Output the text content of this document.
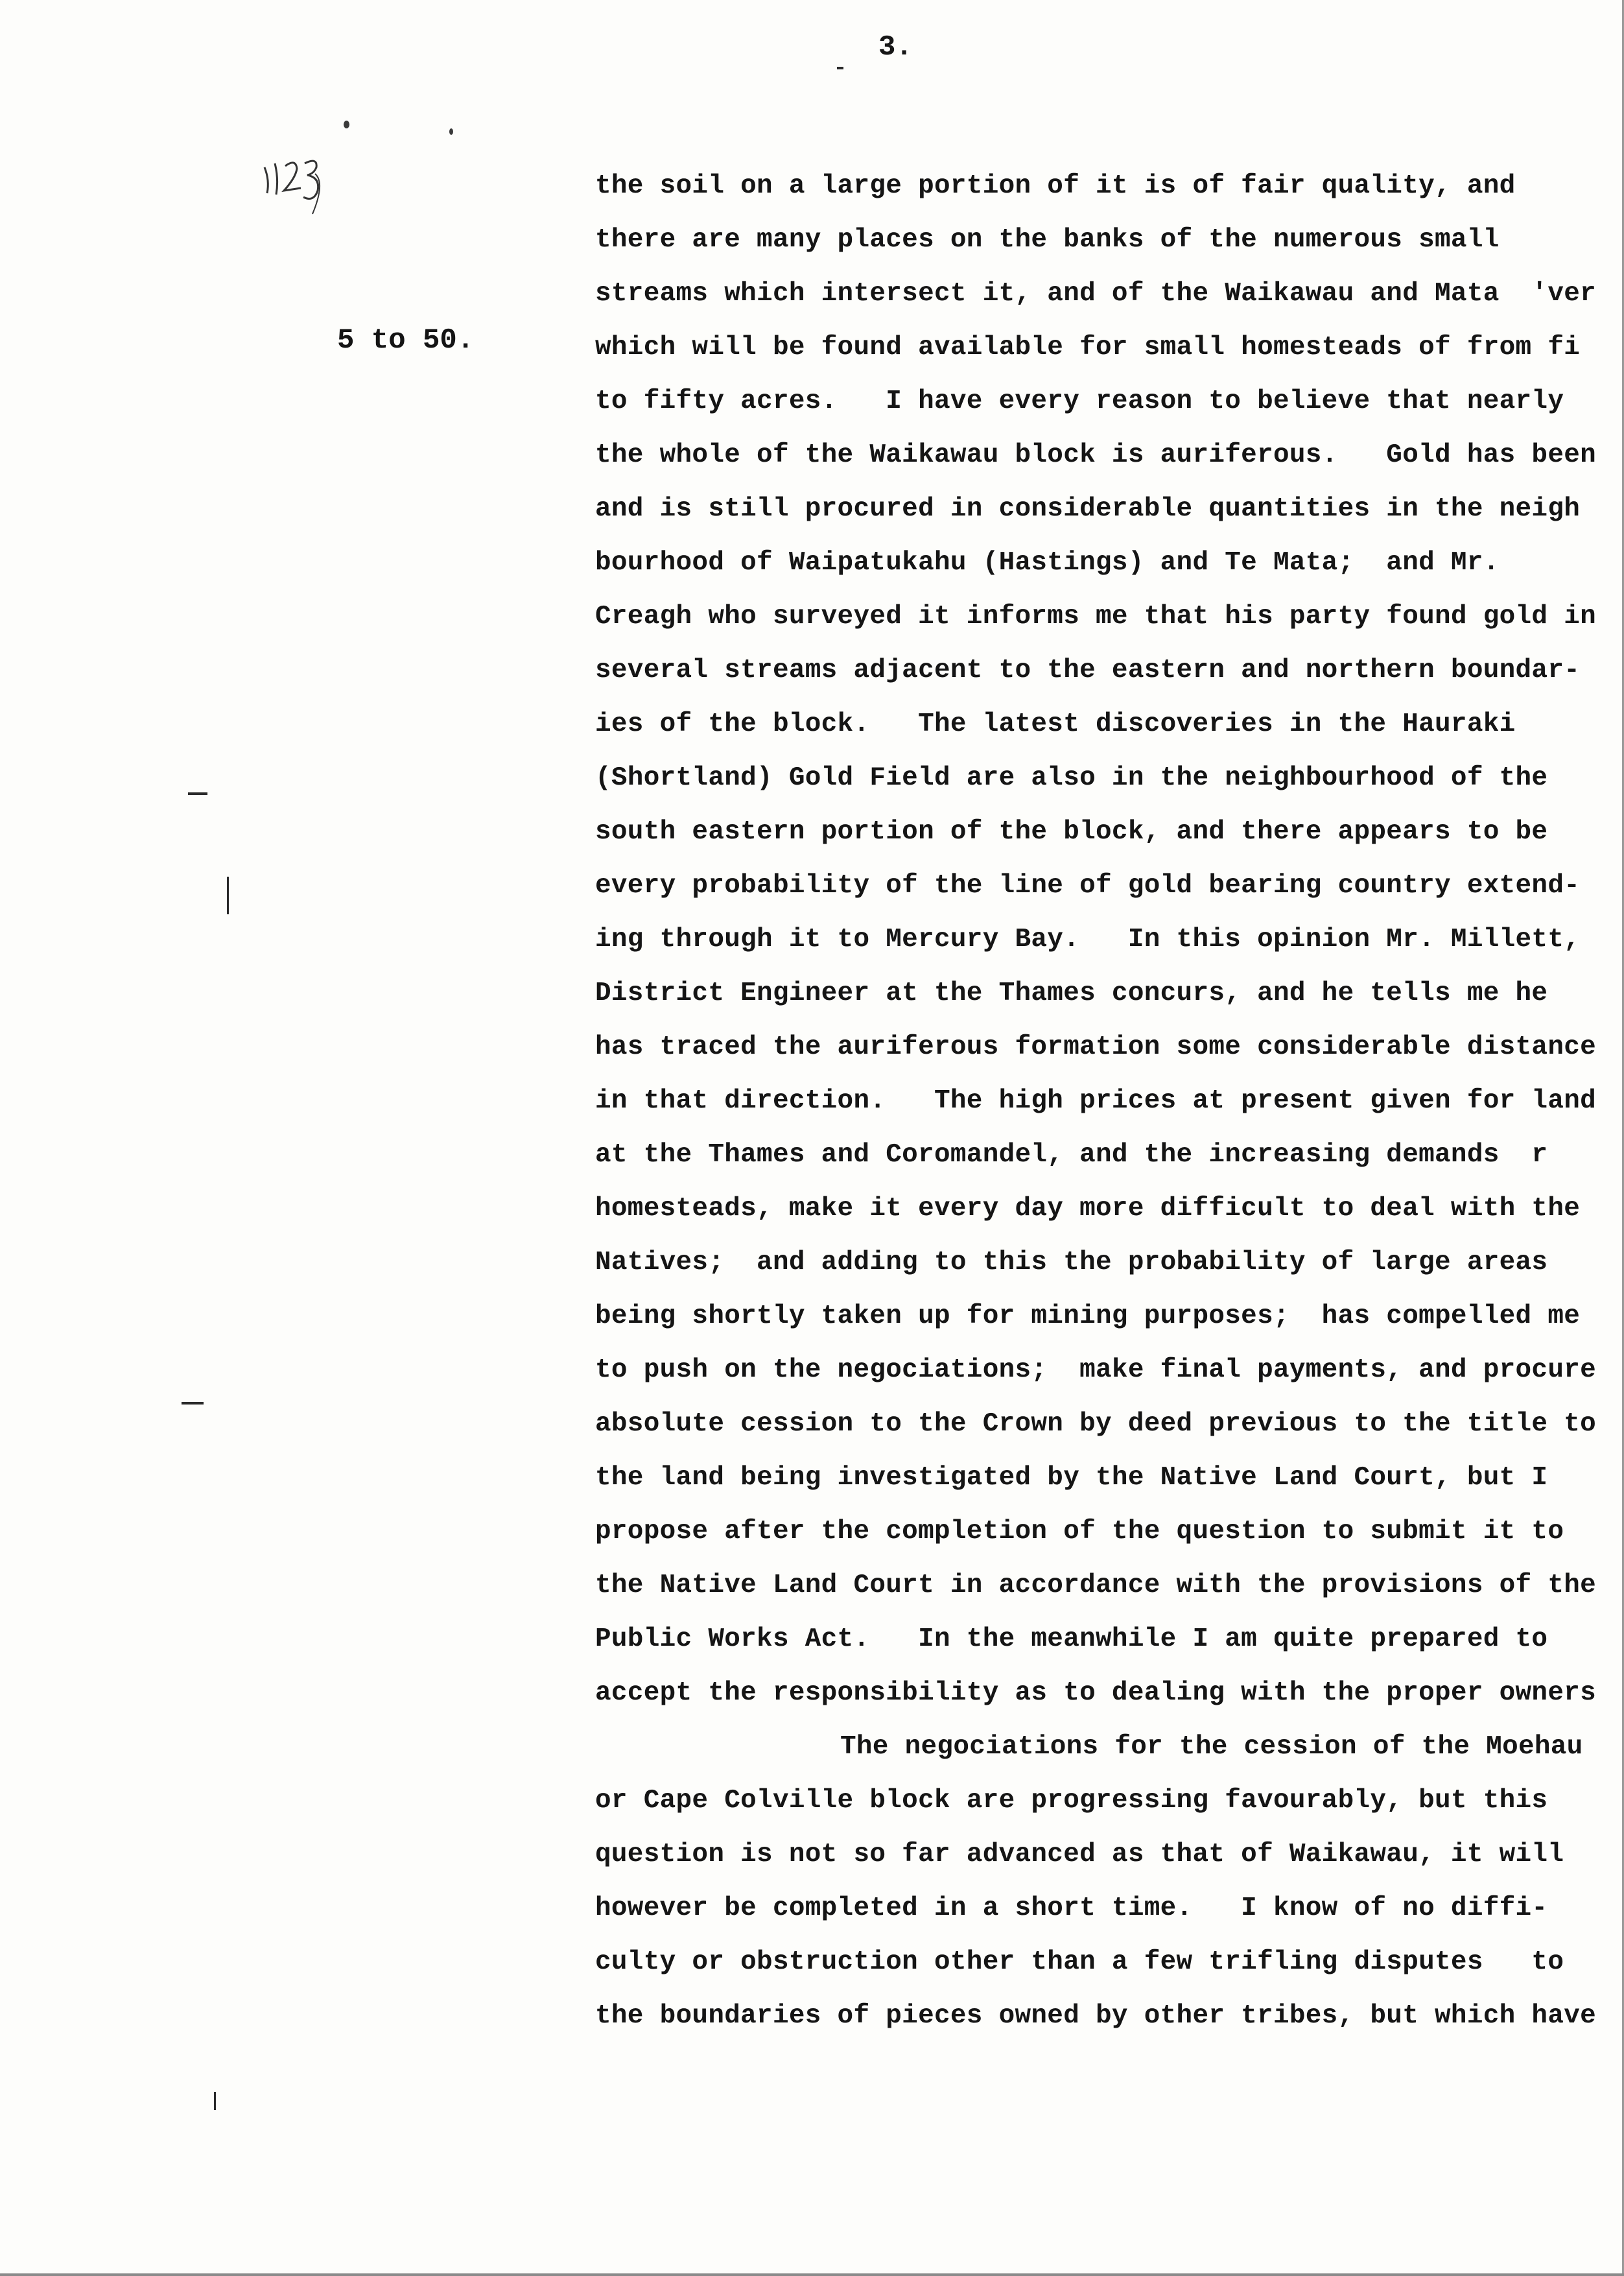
3.
5 to 50.
the soil on a large portion of it is of fair quality, and
there are many places on the banks of the numerous small
streams which intersect it, and of the Waikawau and Mata  'ver
which will be found available for small homesteads of from fi
to fifty acres.   I have every reason to believe that nearly
the whole of the Waikawau block is auriferous.   Gold has been
and is still procured in considerable quantities in the neigh
bourhood of Waipatukahu (Hastings) and Te Mata;  and Mr.
Creagh who surveyed it informs me that his party found gold in
several streams adjacent to the eastern and northern boundar-
ies of the block.   The latest discoveries in the Hauraki
(Shortland) Gold Field are also in the neighbourhood of the
south eastern portion of the block, and there appears to be
every probability of the line of gold bearing country extend-
ing through it to Mercury Bay.   In this opinion Mr. Millett,
District Engineer at the Thames concurs, and he tells me he
has traced the auriferous formation some considerable distance
in that direction.   The high prices at present given for land
at the Thames and Coromandel, and the increasing demands  r
homesteads, make it every day more difficult to deal with the
Natives;  and adding to this the probability of large areas
being shortly taken up for mining purposes;  has compelled me
to push on the negociations;  make final payments, and procure
absolute cession to the Crown by deed previous to the title to
the land being investigated by the Native Land Court, but I
propose after the completion of the question to submit it to
the Native Land Court in accordance with the provisions of the
Public Works Act.   In the meanwhile I am quite prepared to
accept the responsibility as to dealing with the proper owners
The negociations for the cession of the Moehau
or Cape Colville block are progressing favourably, but this
question is not so far advanced as that of Waikawau, it will
however be completed in a short time.   I know of no diffi-
culty or obstruction other than a few trifling disputes   to
the boundaries of pieces owned by other tribes, but which have
